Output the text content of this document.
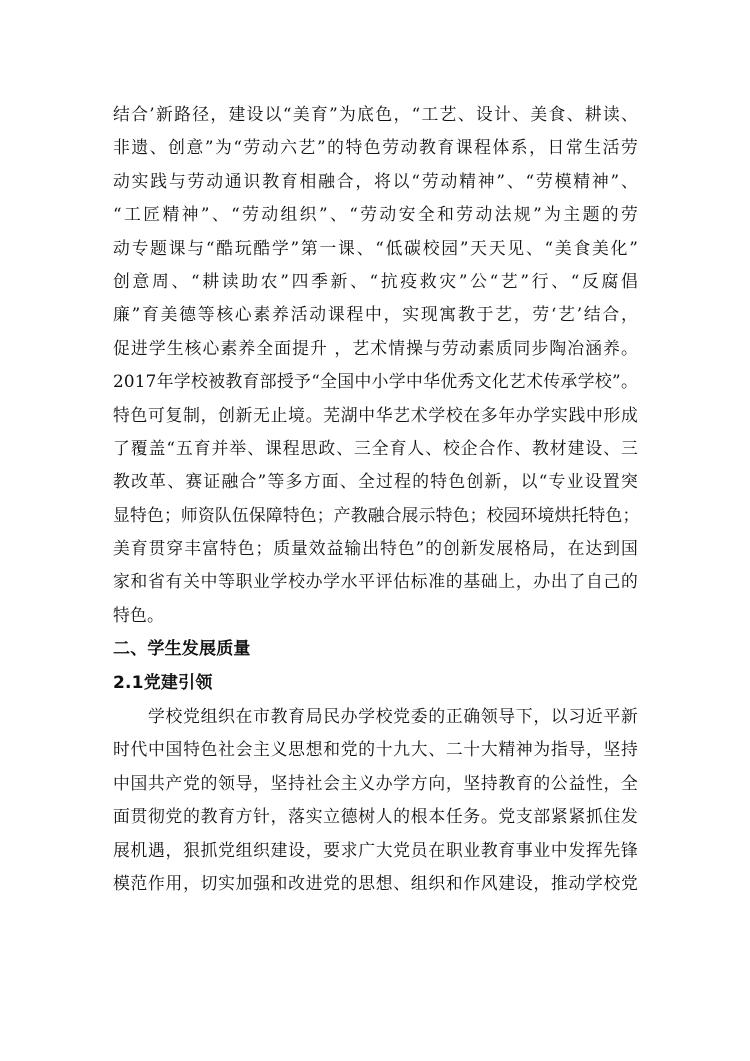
结合’新路径，建设以“美育”为底色，“工艺、设计、美食、耕读、
非遗、创意”为“劳动六艺”的特色劳动教育课程体系，日常生活劳
动实践与劳动通识教育相融合，将以“劳动精神”、“劳模精神”、
“工匠精神”、“劳动组织”、“劳动安全和劳动法规”为主题的劳
动专题课与“酷玩酷学”第一课、“低碳校园”天天见、“美食美化”
创意周、“耕读助农”四季新、“抗疫救灾”公“艺”行、“反腐倡
廉”育美德等核心素养活动课程中，实现寓教于艺，劳‘艺’结合，
促进学生核心素养全面提升 ，艺术情操与劳动素质同步陶冶涵养。
2017年学校被教育部授予“全国中小学中华优秀文化艺术传承学校”。
特色可复制，创新无止境。芜湖中华艺术学校在多年办学实践中形成
了覆盖“五育并举、课程思政、三全育人、校企合作、教材建设、三
教改革、赛证融合”等多方面、全过程的特色创新，以“专业设置突
显特色；师资队伍保障特色；产教融合展示特色；校园环境烘托特色；
美育贯穿丰富特色；质量效益输出特色”的创新发展格局，在达到国
家和省有关中等职业学校办学水平评估标准的基础上，办出了自己的
特色。
二、学生发展质量
2.1党建引领
　　学校党组织在市教育局民办学校党委的正确领导下，以习近平新
时代中国特色社会主义思想和党的十九大、二十大精神为指导，坚持
中国共产党的领导，坚持社会主义办学方向，坚持教育的公益性，全
面贯彻党的教育方针，落实立德树人的根本任务。党支部紧紧抓住发
展机遇，狠抓党组织建设，要求广大党员在职业教育事业中发挥先锋
模范作用，切实加强和改进党的思想、组织和作风建设，推动学校党
